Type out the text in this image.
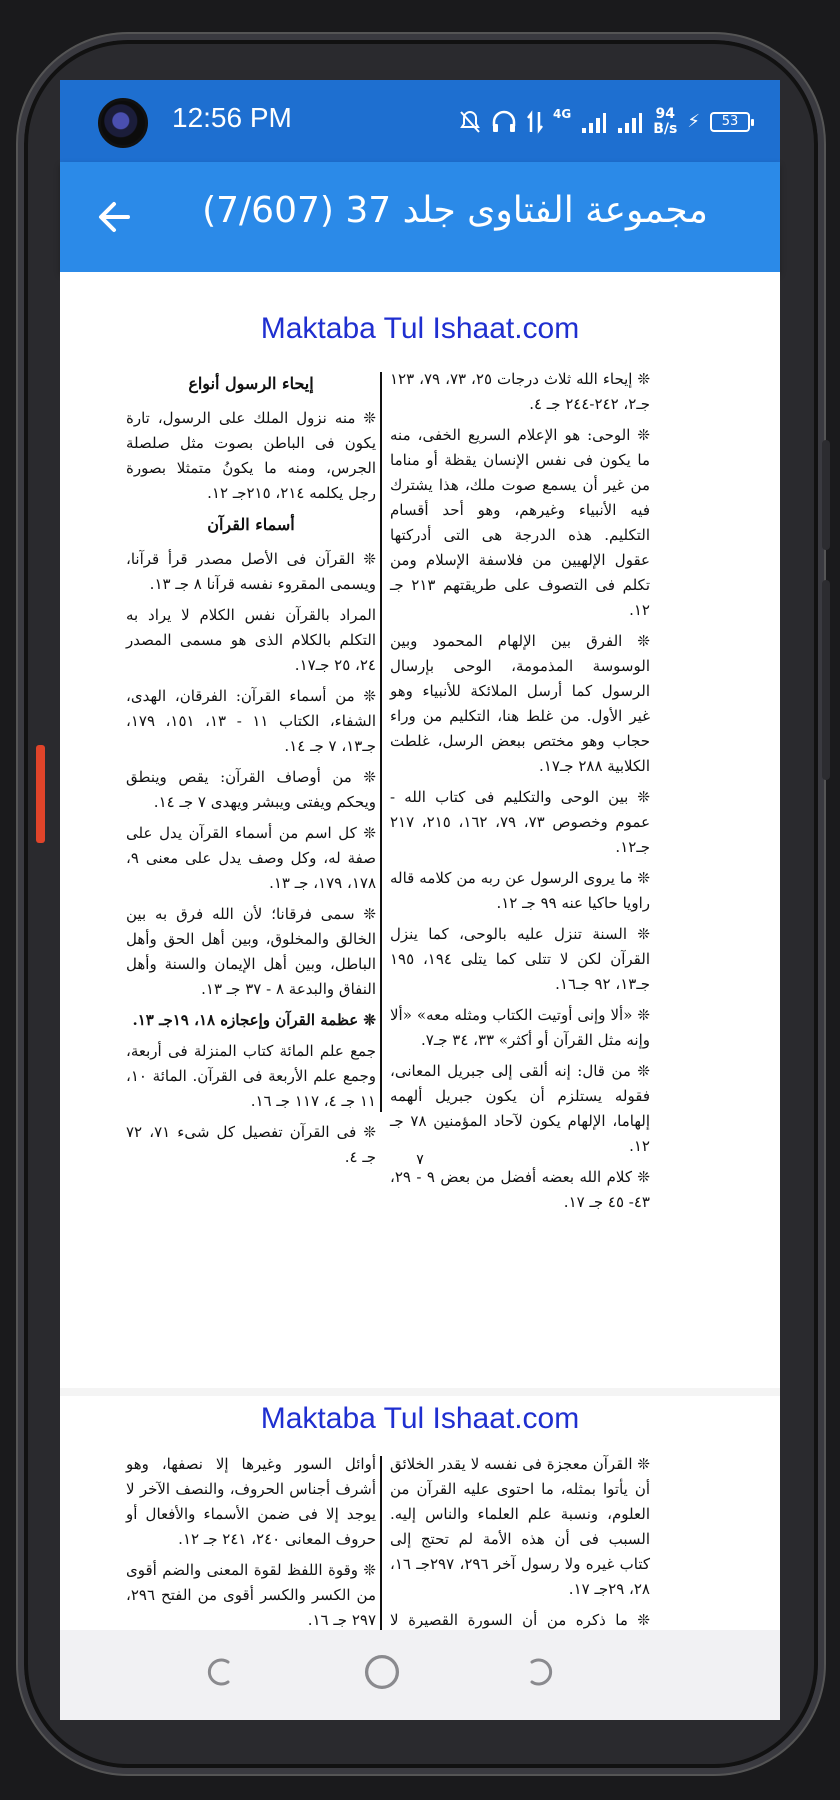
12:56 PM	4G	94
B/s ⚡	53
مجموعة الفتاوى جلد 37 (7/607)
Maktaba Tul Ishaat.com
❊ إيحاء الله ثلاث درجات ٢٥، ٧٣، ٧٩، ١٢٣ جـ٢، ٢٤٢-٢٤٤ جـ ٤.
❊ الوحى: هو الإعلام السريع الخفى، منه ما يكون فى نفس الإنسان يقظة أو مناما من غير أن يسمع صوت ملك، هذا يشترك فيه الأنبياء وغيرهم، وهو أحد أقسام التكليم. هذه الدرجة هى التى أدركتها عقول الإلهيين من فلاسفة الإسلام ومن تكلم فى التصوف على طريقتهم ٢١٣ جـ ١٢.
❊ الفرق بين الإلهام المحمود وبين الوسوسة المذمومة، الوحى بإرسال الرسول كما أرسل الملائكة للأنبياء وهو غير الأول. من غلط هنا، التكليم من وراء حجاب وهو مختص ببعض الرسل، غلطت الكلابية ٢٨٨ جـ١٧.
❊ بين الوحى والتكليم فى كتاب الله - عموم وخصوص ٧٣، ٧٩، ١٦٢، ٢١٥، ٢١٧ جـ١٢.
❊ ما يروى الرسول عن ربه من كلامه قاله راويا حاكيا عنه ٩٩ جـ ١٢.
❊ السنة تنزل عليه بالوحى، كما ينزل القرآن لكن لا تتلى كما يتلى ١٩٤، ١٩٥ جـ١٣، ٩٢ جـ١٦.
❊ «ألا وإنى أوتيت الكتاب ومثله معه» «ألا وإنه مثل القرآن أو أكثر» ٣٣، ٣٤ جـ٧.
❊ من قال: إنه ألقى إلى جبريل المعانى، فقوله يستلزم أن يكون جبريل ألهمه إلهاما، الإلهام يكون لآحاد المؤمنين ٧٨ جـ ١٢.
❊ كلام الله بعضه أفضل من بعض ٩ - ٢٩، ٤٣- ٤٥ جـ ١٧.
إيحاء الرسول أنواع
❊ منه نزول الملك على الرسول، تارة يكون فى الباطن بصوت مثل صلصلة الجرس، ومنه ما يكونُ متمثلا بصورة رجل يكلمه ٢١٤، ٢١٥جـ ١٢.
أسماء القرآن
❊ القرآن فى الأصل مصدر قرأ قرآنا، ويسمى المقروء نفسه قرآنا ٨ جـ ١٣.
المراد بالقرآن نفس الكلام لا يراد به التكلم بالكلام الذى هو مسمى المصدر ٢٤، ٢٥ جـ١٧.
❊ من أسماء القرآن: الفرقان، الهدى، الشفاء، الكتاب ١١ - ١٣، ١٥١، ١٧٩، جـ١٣، ٧ جـ ١٤.
❊ من أوصاف القرآن: يقص وينطق ويحكم ويفتى ويبشر ويهدى ٧ جـ ١٤.
❊ كل اسم من أسماء القرآن يدل على صفة له، وكل وصف يدل على معنى ٩، ١٧٨، ١٧٩، جـ ١٣.
❊ سمى فرقانا؛ لأن الله فرق به بين الخالق والمخلوق، وبين أهل الحق وأهل الباطل، وبين أهل الإيمان والسنة وأهل النفاق والبدعة ٨ - ٣٧ جـ ١٣.
❊ عظمة القرآن وإعجازه ١٨، ١٩جـ ١٣.
جمع علم المائة كتاب المنزلة فى أربعة، وجمع علم الأربعة فى القرآن. المائة ١٠، ١١ جـ ٤، ١١٧ جـ ١٦.
❊ فى القرآن تفصيل كل شىء ٧١، ٧٢ جـ ٤.	٧
Maktaba Tul Ishaat.com
❊ القرآن معجزة فى نفسه لا يقدر الخلائق أن يأتوا بمثله، ما احتوى عليه القرآن من العلوم، ونسبة علم العلماء والناس إليه. السبب فى أن هذه الأمة لم تحتج إلى كتاب غيره ولا رسول آخر ٢٩٦، ٢٩٧جـ ١٦، ٢٨، ٢٩جـ ١٧.
❊ ما ذكره من أن السورة القصيرة لا
أوائل السور وغيرها إلا نصفها، وهو أشرف أجناس الحروف، والنصف الآخر لا يوجد إلا فى ضمن الأسماء والأفعال أو حروف المعانى ٢٤٠، ٢٤١ جـ ١٢.
❊ وقوة اللفظ لقوة المعنى والضم أقوى من الكسر والكسر أقوى من الفتح ٢٩٦، ٢٩٧ جـ ١٦.
